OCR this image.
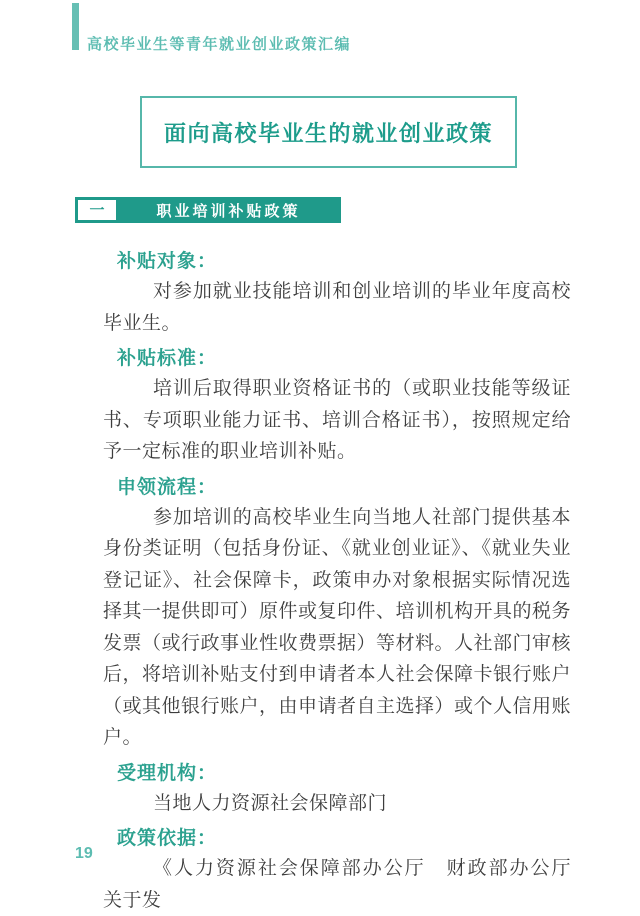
高校毕业生等青年就业创业政策汇编
面向高校毕业生的就业创业政策
一	职业培训补贴政策
补贴对象：

对参加就业技能培训和创业培训的毕业年度高校毕业生。

补贴标准：

培训后取得职业资格证书的（或职业技能等级证书、专项职业能力证书、培训合格证书），按照规定给予一定标准的职业培训补贴。

申领流程：

参加培训的高校毕业生向当地人社部门提供基本身份类证明（包括身份证、《就业创业证》、《就业失业登记证》、社会保障卡，政策申办对象根据实际情况选择其一提供即可）原件或复印件、培训机构开具的税务发票（或行政事业性收费票据）等材料。人社部门审核后，将培训补贴支付到申请者本人社会保障卡银行账户（或其他银行账户，由申请者自主选择）或个人信用账户。

受理机构：

当地人力资源社会保障部门

政策依据：

《人力资源社会保障部办公厅　财政部办公厅　关于发

19
